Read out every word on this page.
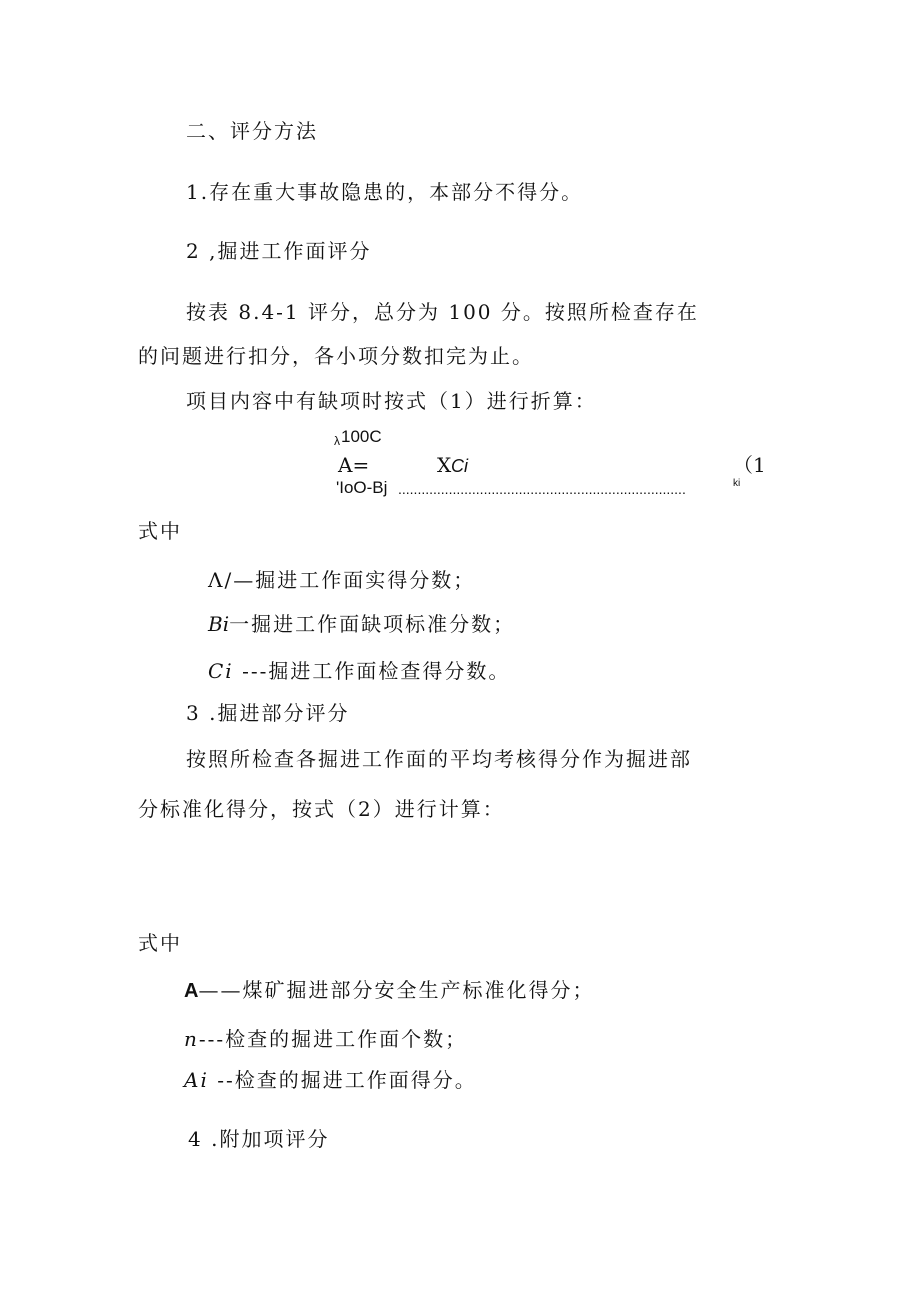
二、评分方法
1.存在重大事故隐患的，本部分不得分。
2 ,掘进工作面评分
按表 8.4-1 评分，总分为 100 分。按照所检查存在
的问题进行扣分，各小项分数扣完为止。
项目内容中有缺项时按式（1）进行折算：
λ 100C
A=	X Ci	（1
'IoO-Bj ..........................................................................	ki
式中
Λ/—掘进工作面实得分数；
Bi一掘进工作面缺项标准分数；
Ci ---掘进工作面检查得分数。
3 .掘进部分评分
按照所检查各掘进工作面的平均考核得分作为掘进部
分标准化得分，按式（2）进行计算：
式中
A——煤矿掘进部分安全生产标准化得分；
n---检查的掘进工作面个数；
Ai --检查的掘进工作面得分。
4 .附加项评分
